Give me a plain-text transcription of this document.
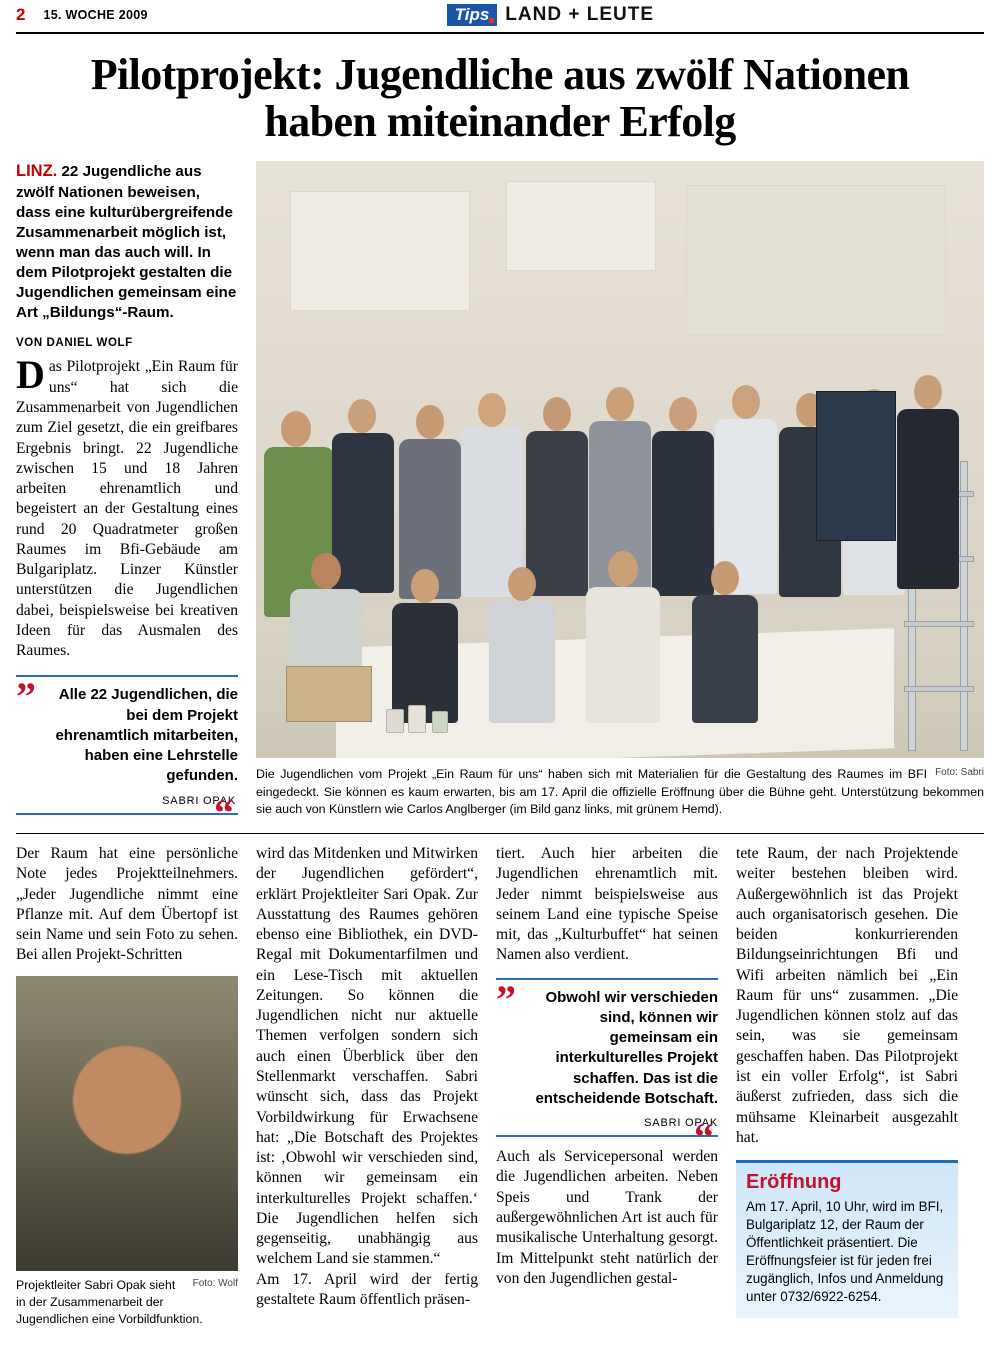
2 15. WOCHE 2009	Tips LAND + LEUTE
Pilotprojekt: Jugendliche aus zwölf Nationen haben miteinander Erfolg
LINZ. 22 Jugendliche aus zwölf Nationen beweisen, dass eine kulturübergreifende Zusammenarbeit möglich ist, wenn man das auch will. In dem Pilotprojekt gestalten die Jugendlichen gemeinsam eine Art „Bildungs“-Raum.
VON DANIEL WOLF
Das Pilotprojekt „Ein Raum für uns“ hat sich die Zusammenarbeit von Jugendlichen zum Ziel gesetzt, die ein greifbares Ergebnis bringt. 22 Jugendliche zwischen 15 und 18 Jahren arbeiten ehrenamtlich und begeistert an der Gestaltung eines rund 20 Quadratmeter großen Raumes im Bfi-Gebäude am Bulgariplatz. Linzer Künstler unterstützen die Jugendlichen dabei, beispielsweise bei kreativen Ideen für das Ausmalen des Raumes.
”	Alle 22 Jugendlichen, die bei dem Projekt ehrenamtlich mitarbeiten, haben eine Lehrstelle gefunden.
SABRI OPAK
“
Foto: Sabri
Die Jugendlichen vom Projekt „Ein Raum für uns“ haben sich mit Materialien für die Gestaltung des Raumes im BFI eingedeckt. Sie können es kaum erwarten, bis am 17. April die offizielle Eröffnung über die Bühne geht. Unterstützung bekommen sie auch von Künstlern wie Carlos Anglberger (im Bild ganz links, mit grünem Hemd).

Der Raum hat eine persönliche Note jedes Projektteilnehmers. „Jeder Jugendliche nimmt eine Pflanze mit. Auf dem Übertopf ist sein Name und sein Foto zu sehen. Bei allen Projekt-Schritten

Foto: Wolf
Projektleiter Sabri Opak sieht in der Zusammenarbeit der Jugendlichen eine Vorbildfunktion.

wird das Mitdenken und Mitwirken der Jugendlichen gefördert“, erklärt Projektleiter Sari Opak. Zur Ausstattung des Raumes gehören ebenso eine Bibliothek, ein DVD-Regal mit Dokumentarfilmen und ein Lese-Tisch mit aktuellen Zeitungen. So können die Jugendlichen nicht nur aktuelle Themen verfolgen sondern sich auch einen Überblick über den Stellenmarkt verschaffen. Sabri wünscht sich, dass das Projekt Vorbildwirkung für Erwachsene hat: „Die Botschaft des Projektes ist: ‚Obwohl wir verschieden sind, können wir gemeinsam ein interkulturelles Projekt schaffen.‘ Die Jugendlichen helfen sich gegenseitig, unabhängig aus welchem Land sie stammen.“

Am 17. April wird der fertig gestaltete Raum öffentlich präsen-

tiert. Auch hier arbeiten die Jugendlichen ehrenamtlich mit. Jeder nimmt beispielsweise aus seinem Land eine typische Speise mit, das „Kulturbuffet“ hat seinen Namen also verdient.

”	Obwohl wir verschieden sind, können wir gemeinsam ein interkulturelles Projekt schaffen. Das ist die entscheidende Botschaft.
SABRI OPAK
“

Auch als Servicepersonal werden die Jugendlichen arbeiten. Neben Speis und Trank der außergewöhnlichen Art ist auch für musikalische Unterhaltung gesorgt. Im Mittelpunkt steht natürlich der von den Jugendlichen gestal-

tete Raum, der nach Projektende weiter bestehen bleiben wird. Außergewöhnlich ist das Projekt auch organisatorisch gesehen. Die beiden konkurrierenden Bildungseinrichtungen Bfi und Wifi arbeiten nämlich bei „Ein Raum für uns“ zusammen. „Die Jugendlichen können stolz auf das sein, was sie gemeinsam geschaffen haben. Das Pilotprojekt ist ein voller Erfolg“, ist Sabri äußerst zufrieden, dass sich die mühsame Kleinarbeit ausgezahlt hat.

Eröffnung

Am 17. April, 10 Uhr, wird im BFI, Bulgariplatz 12, der Raum der Öffentlichkeit präsentiert. Die Eröffnungsfeier ist für jeden frei zugänglich, Infos und Anmeldung unter 0732/6922-6254.
